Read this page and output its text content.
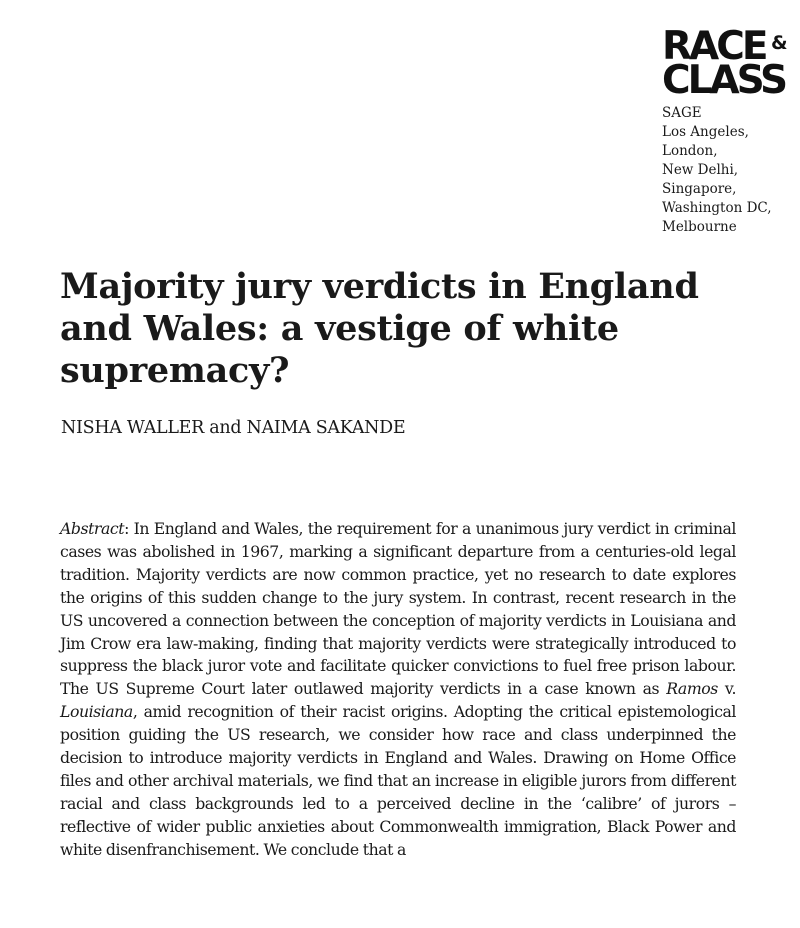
RACE &
CLASS
SAGE
Los Angeles,
London,
New Delhi,
Singapore,
Washington DC,
Melbourne
Majority jury verdicts in England and Wales: a vestige of white supremacy?
NISHA WALLER and NAIMA SAKANDE

Abstract: In England and Wales, the requirement for a unanimous jury verdict in criminal cases was abolished in 1967, marking a significant departure from a centuries-old legal tradition. Majority verdicts are now common practice, yet no research to date explores the origins of this sudden change to the jury system. In contrast, recent research in the US uncovered a connection between the conception of majority verdicts in Louisiana and Jim Crow era law-making, finding that majority verdicts were strategically introduced to suppress the black juror vote and facilitate quicker convictions to fuel free prison labour. The US Supreme Court later outlawed majority verdicts in a case known as Ramos v. Louisiana, amid recognition of their racist origins. Adopting the critical epistemological position guiding the US research, we consider how race and class underpinned the decision to introduce majority verdicts in England and Wales. Drawing on Home Office files and other archival materials, we find that an increase in eligible jurors from different racial and class backgrounds led to a perceived decline in the ‘calibre’ of jurors – reflective of wider public anxieties about Commonwealth immigration, Black Power and white disenfranchisement. We conclude that a
